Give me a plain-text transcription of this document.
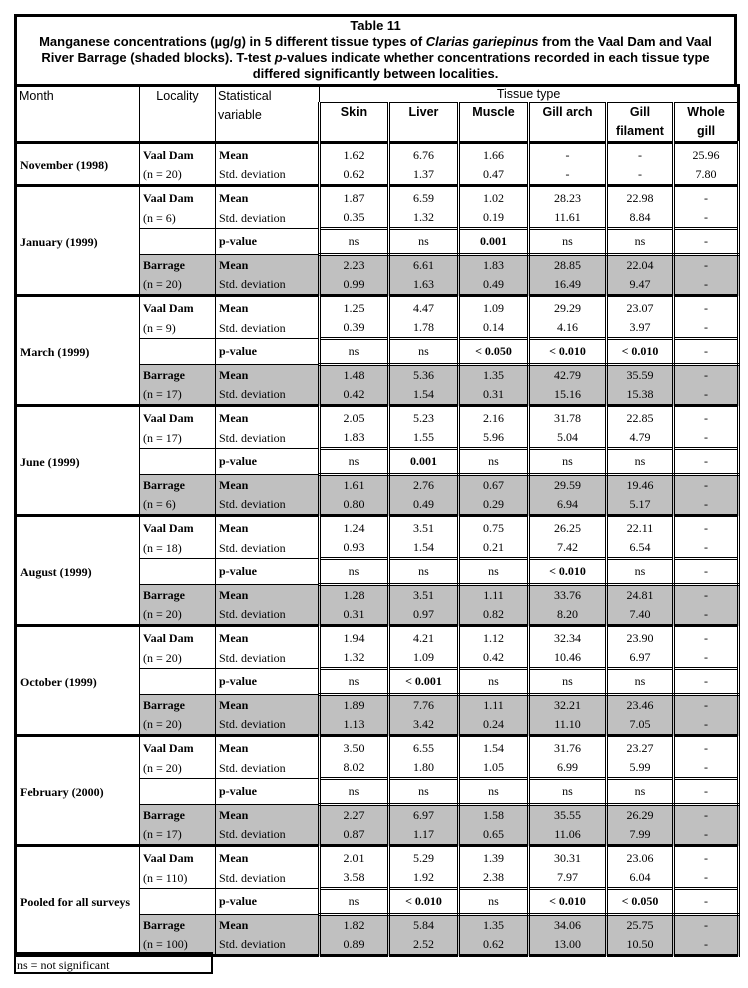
Table 11
Manganese concentrations (µg/g) in 5 different tissue types of Clarias gariepinus from the Vaal Dam and Vaal River Barrage (shaded blocks). T-test p-values indicate whether concentrations recorded in each tissue type differed significantly between localities.
Month	Locality	Statistical variable	Tissue type					
			Skin	Liver	Muscle	Gill arch	Gill filament	Whole gill
November (1998)	Vaal Dam	Mean	1.62	6.76	1.66	-	-	25.96
	(n = 20)	Std. deviation	0.62	1.37	0.47	-	-	7.80
January (1999)	Vaal Dam	Mean	1.87	6.59	1.02	28.23	22.98	-
	(n = 6)	Std. deviation	0.35	1.32	0.19	11.61	8.84	-
		p-value	ns	ns	0.001	ns	ns	-
	Barrage	Mean	2.23	6.61	1.83	28.85	22.04	-
	(n = 20)	Std. deviation	0.99	1.63	0.49	16.49	9.47	-
March (1999)	Vaal Dam	Mean	1.25	4.47	1.09	29.29	23.07	-
	(n = 9)	Std. deviation	0.39	1.78	0.14	4.16	3.97	-
		p-value	ns	ns	< 0.050	< 0.010	< 0.010	-
	Barrage	Mean	1.48	5.36	1.35	42.79	35.59	-
	(n = 17)	Std. deviation	0.42	1.54	0.31	15.16	15.38	-
June (1999)	Vaal Dam	Mean	2.05	5.23	2.16	31.78	22.85	-
	(n = 17)	Std. deviation	1.83	1.55	5.96	5.04	4.79	-
		p-value	ns	0.001	ns	ns	ns	-
	Barrage	Mean	1.61	2.76	0.67	29.59	19.46	-
	(n = 6)	Std. deviation	0.80	0.49	0.29	6.94	5.17	-
August (1999)	Vaal Dam	Mean	1.24	3.51	0.75	26.25	22.11	-
	(n = 18)	Std. deviation	0.93	1.54	0.21	7.42	6.54	-
		p-value	ns	ns	ns	< 0.010	ns	-
	Barrage	Mean	1.28	3.51	1.11	33.76	24.81	-
	(n = 20)	Std. deviation	0.31	0.97	0.82	8.20	7.40	-
October (1999)	Vaal Dam	Mean	1.94	4.21	1.12	32.34	23.90	-
	(n = 20)	Std. deviation	1.32	1.09	0.42	10.46	6.97	-
		p-value	ns	< 0.001	ns	ns	ns	-
	Barrage	Mean	1.89	7.76	1.11	32.21	23.46	-
	(n = 20)	Std. deviation	1.13	3.42	0.24	11.10	7.05	-
February (2000)	Vaal Dam	Mean	3.50	6.55	1.54	31.76	23.27	-
	(n = 20)	Std. deviation	8.02	1.80	1.05	6.99	5.99	-
		p-value	ns	ns	ns	ns	ns	-
	Barrage	Mean	2.27	6.97	1.58	35.55	26.29	-
	(n = 17)	Std. deviation	0.87	1.17	0.65	11.06	7.99	-
Pooled for all surveys	Vaal Dam	Mean	2.01	5.29	1.39	30.31	23.06	-
	(n = 110)	Std. deviation	3.58	1.92	2.38	7.97	6.04	-
		p-value	ns	< 0.010	ns	< 0.010	< 0.050	-
	Barrage	Mean	1.82	5.84	1.35	34.06	25.75	-
	(n = 100)	Std. deviation	0.89	2.52	0.62	13.00	10.50	-
ns = not significant
